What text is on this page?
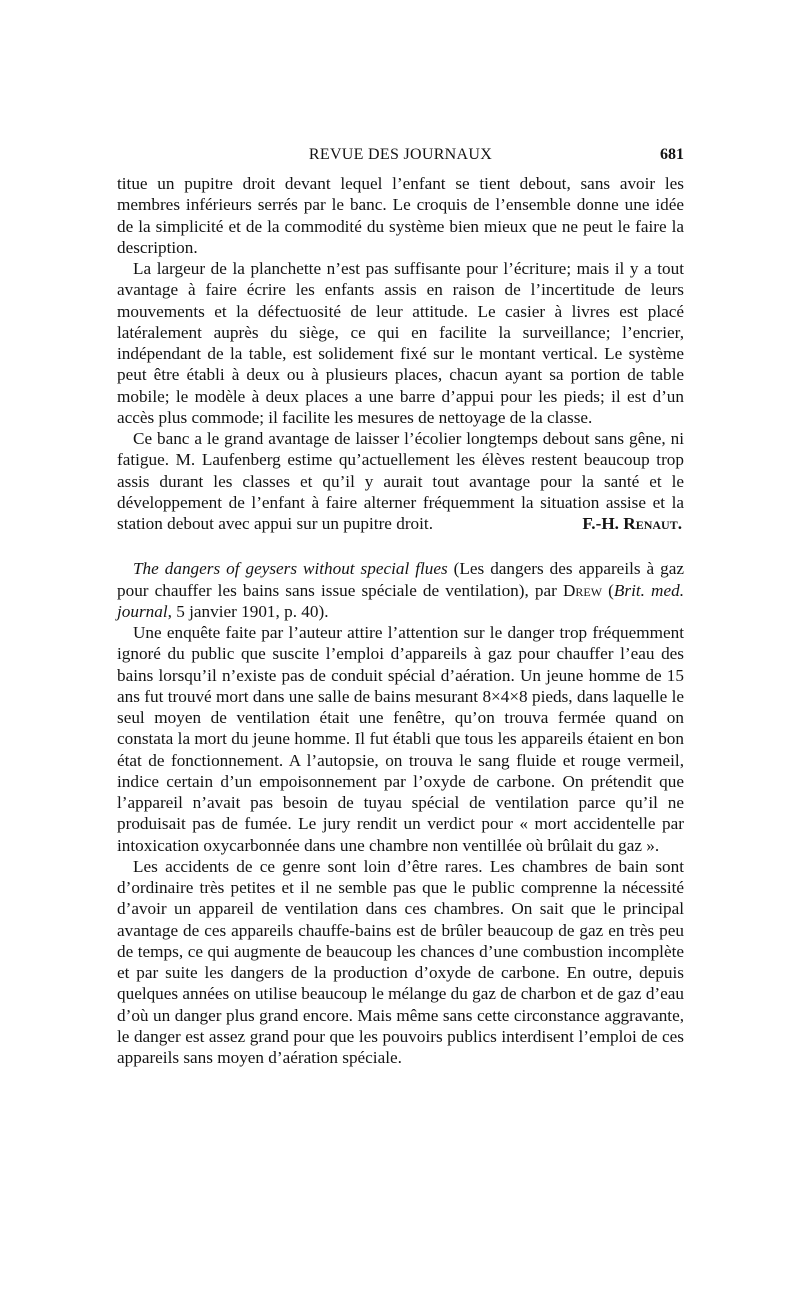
REVUE DES JOURNAUX	681

titue un pupitre droit devant lequel l’enfant se tient debout, sans avoir les membres inférieurs serrés par le banc. Le croquis de l’ensemble donne une idée de la simplicité et de la commodité du système bien mieux que ne peut le faire la description.

La largeur de la planchette n’est pas suffisante pour l’écriture; mais il y a tout avantage à faire écrire les enfants assis en raison de l’incertitude de leurs mouvements et la défectuosité de leur attitude. Le casier à livres est placé latéralement auprès du siège, ce qui en facilite la surveillance; l’encrier, indépendant de la table, est solidement fixé sur le montant vertical. Le système peut être établi à deux ou à plusieurs places, chacun ayant sa portion de table mobile; le modèle à deux places a une barre d’appui pour les pieds; il est d’un accès plus commode; il facilite les mesures de nettoyage de la classe.

Ce banc a le grand avantage de laisser l’écolier longtemps debout sans gêne, ni fatigue. M. Laufenberg estime qu’actuellement les élèves restent beaucoup trop assis durant les classes et qu’il y aurait tout avantage pour la santé et le développement de l’enfant à faire alterner fréquemment la situation assise et la station debout avec appui sur un pupitre droit.	F.-H. Renaut.

The dangers of geysers without special flues (Les dangers des appareils à gaz pour chauffer les bains sans issue spéciale de ventilation), par Drew (Brit. med. journal, 5 janvier 1901, p. 40).

Une enquête faite par l’auteur attire l’attention sur le danger trop fréquemment ignoré du public que suscite l’emploi d’appareils à gaz pour chauffer l’eau des bains lorsqu’il n’existe pas de conduit spécial d’aération. Un jeune homme de 15 ans fut trouvé mort dans une salle de bains mesurant 8×4×8 pieds, dans laquelle le seul moyen de ventilation était une fenêtre, qu’on trouva fermée quand on constata la mort du jeune homme. Il fut établi que tous les appareils étaient en bon état de fonctionnement. A l’autopsie, on trouva le sang fluide et rouge vermeil, indice certain d’un empoisonnement par l’oxyde de carbone. On prétendit que l’appareil n’avait pas besoin de tuyau spécial de ventilation parce qu’il ne produisait pas de fumée. Le jury rendit un verdict pour « mort accidentelle par intoxication oxycarbonnée dans une chambre non ventillée où brûlait du gaz ».

Les accidents de ce genre sont loin d’être rares. Les chambres de bain sont d’ordinaire très petites et il ne semble pas que le public comprenne la nécessité d’avoir un appareil de ventilation dans ces chambres. On sait que le principal avantage de ces appareils chauffe-bains est de brûler beaucoup de gaz en très peu de temps, ce qui augmente de beaucoup les chances d’une combustion incomplète et par suite les dangers de la production d’oxyde de carbone. En outre, depuis quelques années on utilise beaucoup le mélange du gaz de charbon et de gaz d’eau d’où un danger plus grand encore. Mais même sans cette circonstance aggravante, le danger est assez grand pour que les pouvoirs publics interdisent l’emploi de ces appareils sans moyen d’aération spéciale.
